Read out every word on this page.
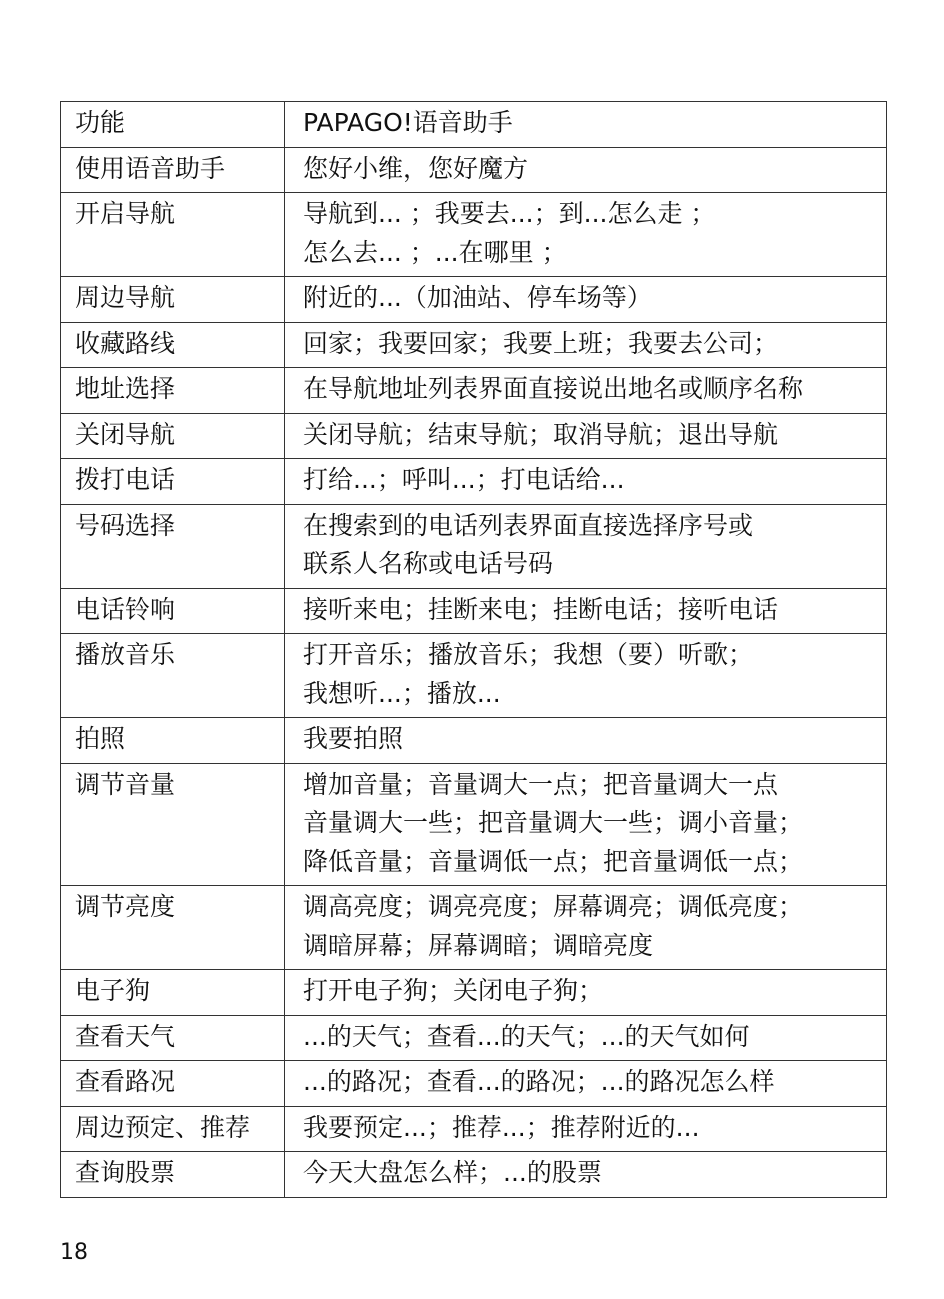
功能	PAPAGO!语音助手

使用语音助手	您好小维，您好魔方

开启导航	导航到... ；我要去...；到...怎么走 ；
怎么去... ；...在哪里 ；

周边导航	附近的...（加油站、停车场等）

收藏路线	回家；我要回家；我要上班；我要去公司；

地址选择	在导航地址列表界面直接说出地名或顺序名称

关闭导航	关闭导航；结束导航；取消导航；退出导航

拨打电话	打给...；呼叫...；打电话给...

号码选择	在搜索到的电话列表界面直接选择序号或
联系人名称或电话号码

电话铃响	接听来电；挂断来电；挂断电话；接听电话

播放音乐	打开音乐；播放音乐；我想（要）听歌；
我想听...；播放...

拍照	我要拍照

调节音量	增加音量；音量调大一点；把音量调大一点
音量调大一些；把音量调大一些；调小音量；
降低音量；音量调低一点；把音量调低一点；

调节亮度	调高亮度；调亮亮度；屏幕调亮；调低亮度；
调暗屏幕；屏幕调暗；调暗亮度

电子狗	打开电子狗；关闭电子狗；

查看天气	...的天气；查看...的天气；...的天气如何

查看路况	...的路况；查看...的路况；...的路况怎么样

周边预定、推荐	我要预定...；推荐...；推荐附近的...

查询股票	今天大盘怎么样；...的股票
18
